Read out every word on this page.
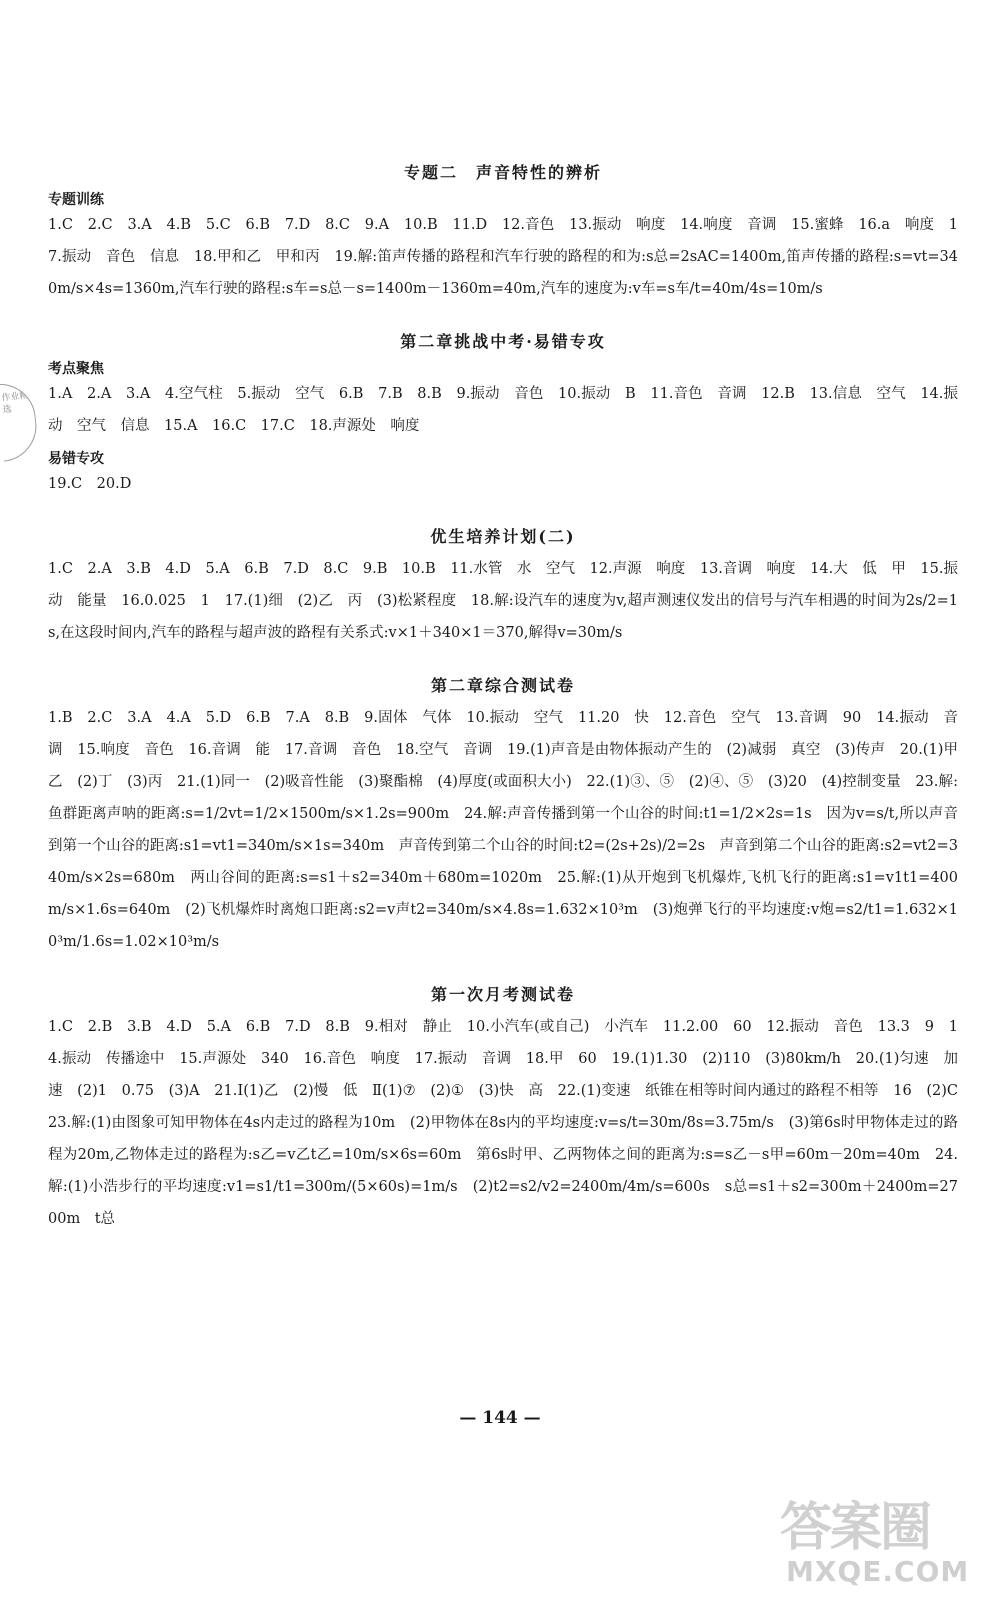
作业精选

专题二　声音特性的辨析

专题训练

1.C　2.C　3.A　4.B　5.C　6.B　7.D　8.C　9.A　10.B　11.D　12.音色　13.振动　响度　14.响度　音调　15.蜜蜂　16.a　响度　17.振动　音色　信息　18.甲和乙　甲和丙　19.解:笛声传播的路程和汽车行驶的路程的和为:s总=2sAC=1400m,笛声传播的路程:s=vt=340m/s×4s=1360m,汽车行驶的路程:s车=s总－s=1400m－1360m=40m,汽车的速度为:v车=s车/t=40m/4s=10m/s

第二章挑战中考·易错专攻

考点聚焦

1.A　2.A　3.A　4.空气柱　5.振动　空气　6.B　7.B　8.B　9.振动　音色　10.振动　B　11.音色　音调　12.B　13.信息　空气　14.振动　空气　信息　15.A　16.C　17.C　18.声源处　响度

易错专攻

19.C　20.D

优生培养计划(二)

1.C　2.A　3.B　4.D　5.A　6.B　7.D　8.C　9.B　10.B　11.水管　水　空气　12.声源　响度　13.音调　响度　14.大　低　甲　15.振动　能量　16.0.025　1　17.(1)细　(2)乙　丙　(3)松紧程度　18.解:设汽车的速度为v,超声测速仪发出的信号与汽车相遇的时间为2s/2=1s,在这段时间内,汽车的路程与超声波的路程有关系式:v×1＋340×1＝370,解得v=30m/s

第二章综合测试卷

1.B　2.C　3.A　4.A　5.D　6.B　7.A　8.B　9.固体　气体　10.振动　空气　11.20　快　12.音色　空气　13.音调　90　14.振动　音调　15.响度　音色　16.音调　能　17.音调　音色　18.空气　音调　19.(1)声音是由物体振动产生的　(2)减弱　真空　(3)传声　20.(1)甲　乙　(2)丁　(3)丙　21.(1)同一　(2)吸音性能　(3)聚酯棉　(4)厚度(或面积大小)　22.(1)③、⑤　(2)④、⑤　(3)20　(4)控制变量　23.解:鱼群距离声呐的距离:s=1/2vt=1/2×1500m/s×1.2s=900m　24.解:声音传播到第一个山谷的时间:t1=1/2×2s=1s　因为v=s/t,所以声音到第一个山谷的距离:s1=vt1=340m/s×1s=340m　声音传到第二个山谷的时间:t2=(2s+2s)/2=2s　声音到第二个山谷的距离:s2=vt2=340m/s×2s=680m　两山谷间的距离:s=s1＋s2=340m＋680m=1020m　25.解:(1)从开炮到飞机爆炸,飞机飞行的距离:s1=v1t1=400m/s×1.6s=640m　(2)飞机爆炸时离炮口距离:s2=v声t2=340m/s×4.8s=1.632×10³m　(3)炮弹飞行的平均速度:v炮=s2/t1=1.632×10³m/1.6s=1.02×10³m/s

第一次月考测试卷

1.C　2.B　3.B　4.D　5.A　6.B　7.D　8.B　9.相对　静止　10.小汽车(或自己)　小汽车　11.2.00　60　12.振动　音色　13.3　9　14.振动　传播途中　15.声源处　340　16.音色　响度　17.振动　音调　18.甲　60　19.(1)1.30　(2)110　(3)80km/h　20.(1)匀速　加速　(2)1　0.75　(3)A　21.Ⅰ(1)乙　(2)慢　低　Ⅱ(1)⑦　(2)①　(3)快　高　22.(1)变速　纸锥在相等时间内通过的路程不相等　16　(2)C　23.解:(1)由图象可知甲物体在4s内走过的路程为10m　(2)甲物体在8s内的平均速度:v=s/t=30m/8s=3.75m/s　(3)第6s时甲物体走过的路程为20m,乙物体走过的路程为:s乙=v乙t乙=10m/s×6s=60m　第6s时甲、乙两物体之间的距离为:s=s乙－s甲=60m－20m=40m　24.解:(1)小浩步行的平均速度:v1=s1/t1=300m/(5×60s)=1m/s　(2)t2=s2/v2=2400m/4m/s=600s　s总=s1＋s2=300m＋2400m=2700m　t总

— 144 —
答案圈
MXQE.COM
